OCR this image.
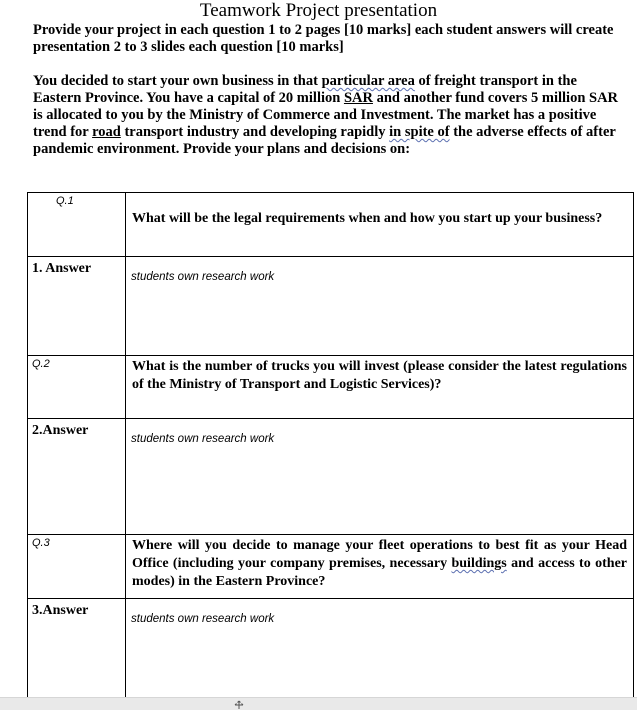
Teamwork Project presentation
Provide your project in each question 1 to 2 pages [10 marks] each student answers will create presentation 2 to 3 slides each question [10 marks]
You decided to start your own business in that particular area of freight transport in the Eastern Province. You have a capital of 20 million SAR and another fund covers 5 million SAR is allocated to you by the Ministry of Commerce and Investment. The market has a positive trend for road transport industry and developing rapidly in spite of the adverse effects of after pandemic environment. Provide your plans and decisions on:
Q.1	What will be the legal requirements when and how you start up your business?

1. Answer	students own research work

Q.2	What is the number of trucks you will invest (please consider the latest regulations of the Ministry of Transport and Logistic Services)?

2.Answer	students own research work

Q.3	Where will you decide to manage your fleet operations to best fit as your Head Office (including your company premises, necessary buildings and access to other modes) in the Eastern Province?

3.Answer	students own research work
